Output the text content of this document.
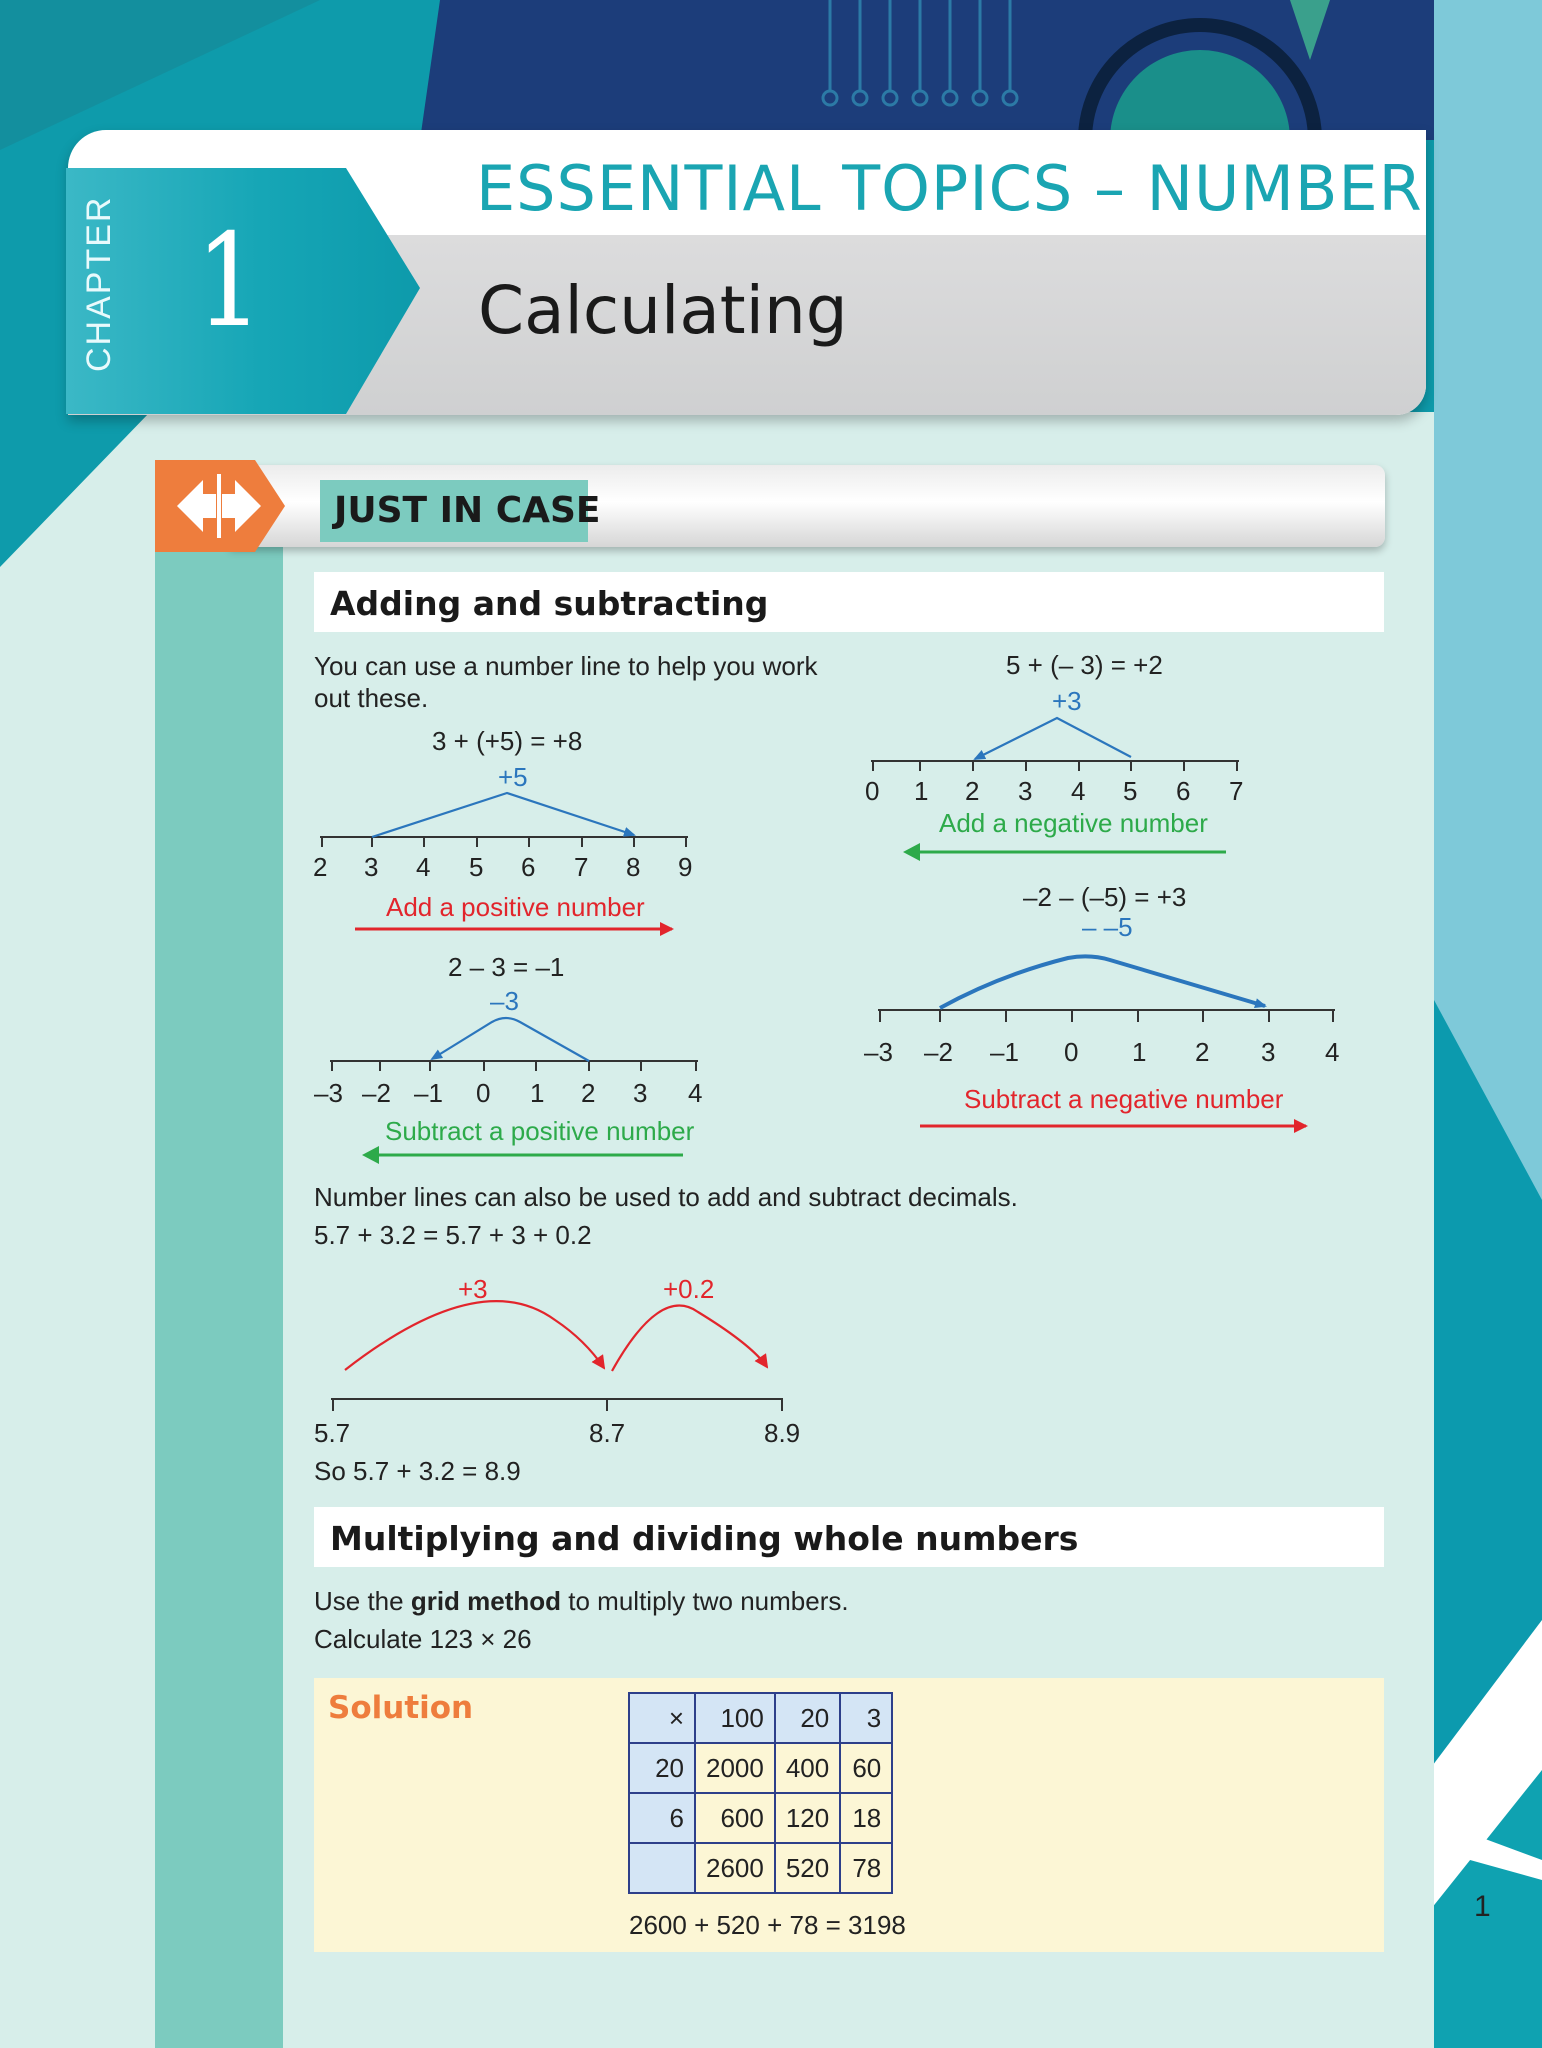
CHAPTER 1
ESSENTIAL TOPICS – NUMBER
Calculating
JUST IN CASE
Adding and subtracting
You can use a number line to help you work out these.
3 + (+5) = +8
+5
2 3 4 5 6 7 8 9
Add a positive number
5 + (– 3) = +2
+3
0 1 2 3 4 5 6 7
Add a negative number
2 – 3 = –1
–3
–3 –2 –1 0 1 2 3 4
Subtract a positive number
–2 – (–5) = +3
– –5
–3 –2 –1 0 1 2 3 4
Subtract a negative number
Number lines can also be used to add and subtract decimals.
5.7 + 3.2 = 5.7 + 3 + 0.2
+3	+0.2
5.7	8.7	8.9
So 5.7 + 3.2 = 8.9
Multiplying and dividing whole numbers
Use the grid method to multiply two numbers.
Calculate 123 × 26
Solution	×	100	20	3
20	2000	400	60
6	600	120	18
	2600	520	78
2600 + 520 + 78 = 3198
1
